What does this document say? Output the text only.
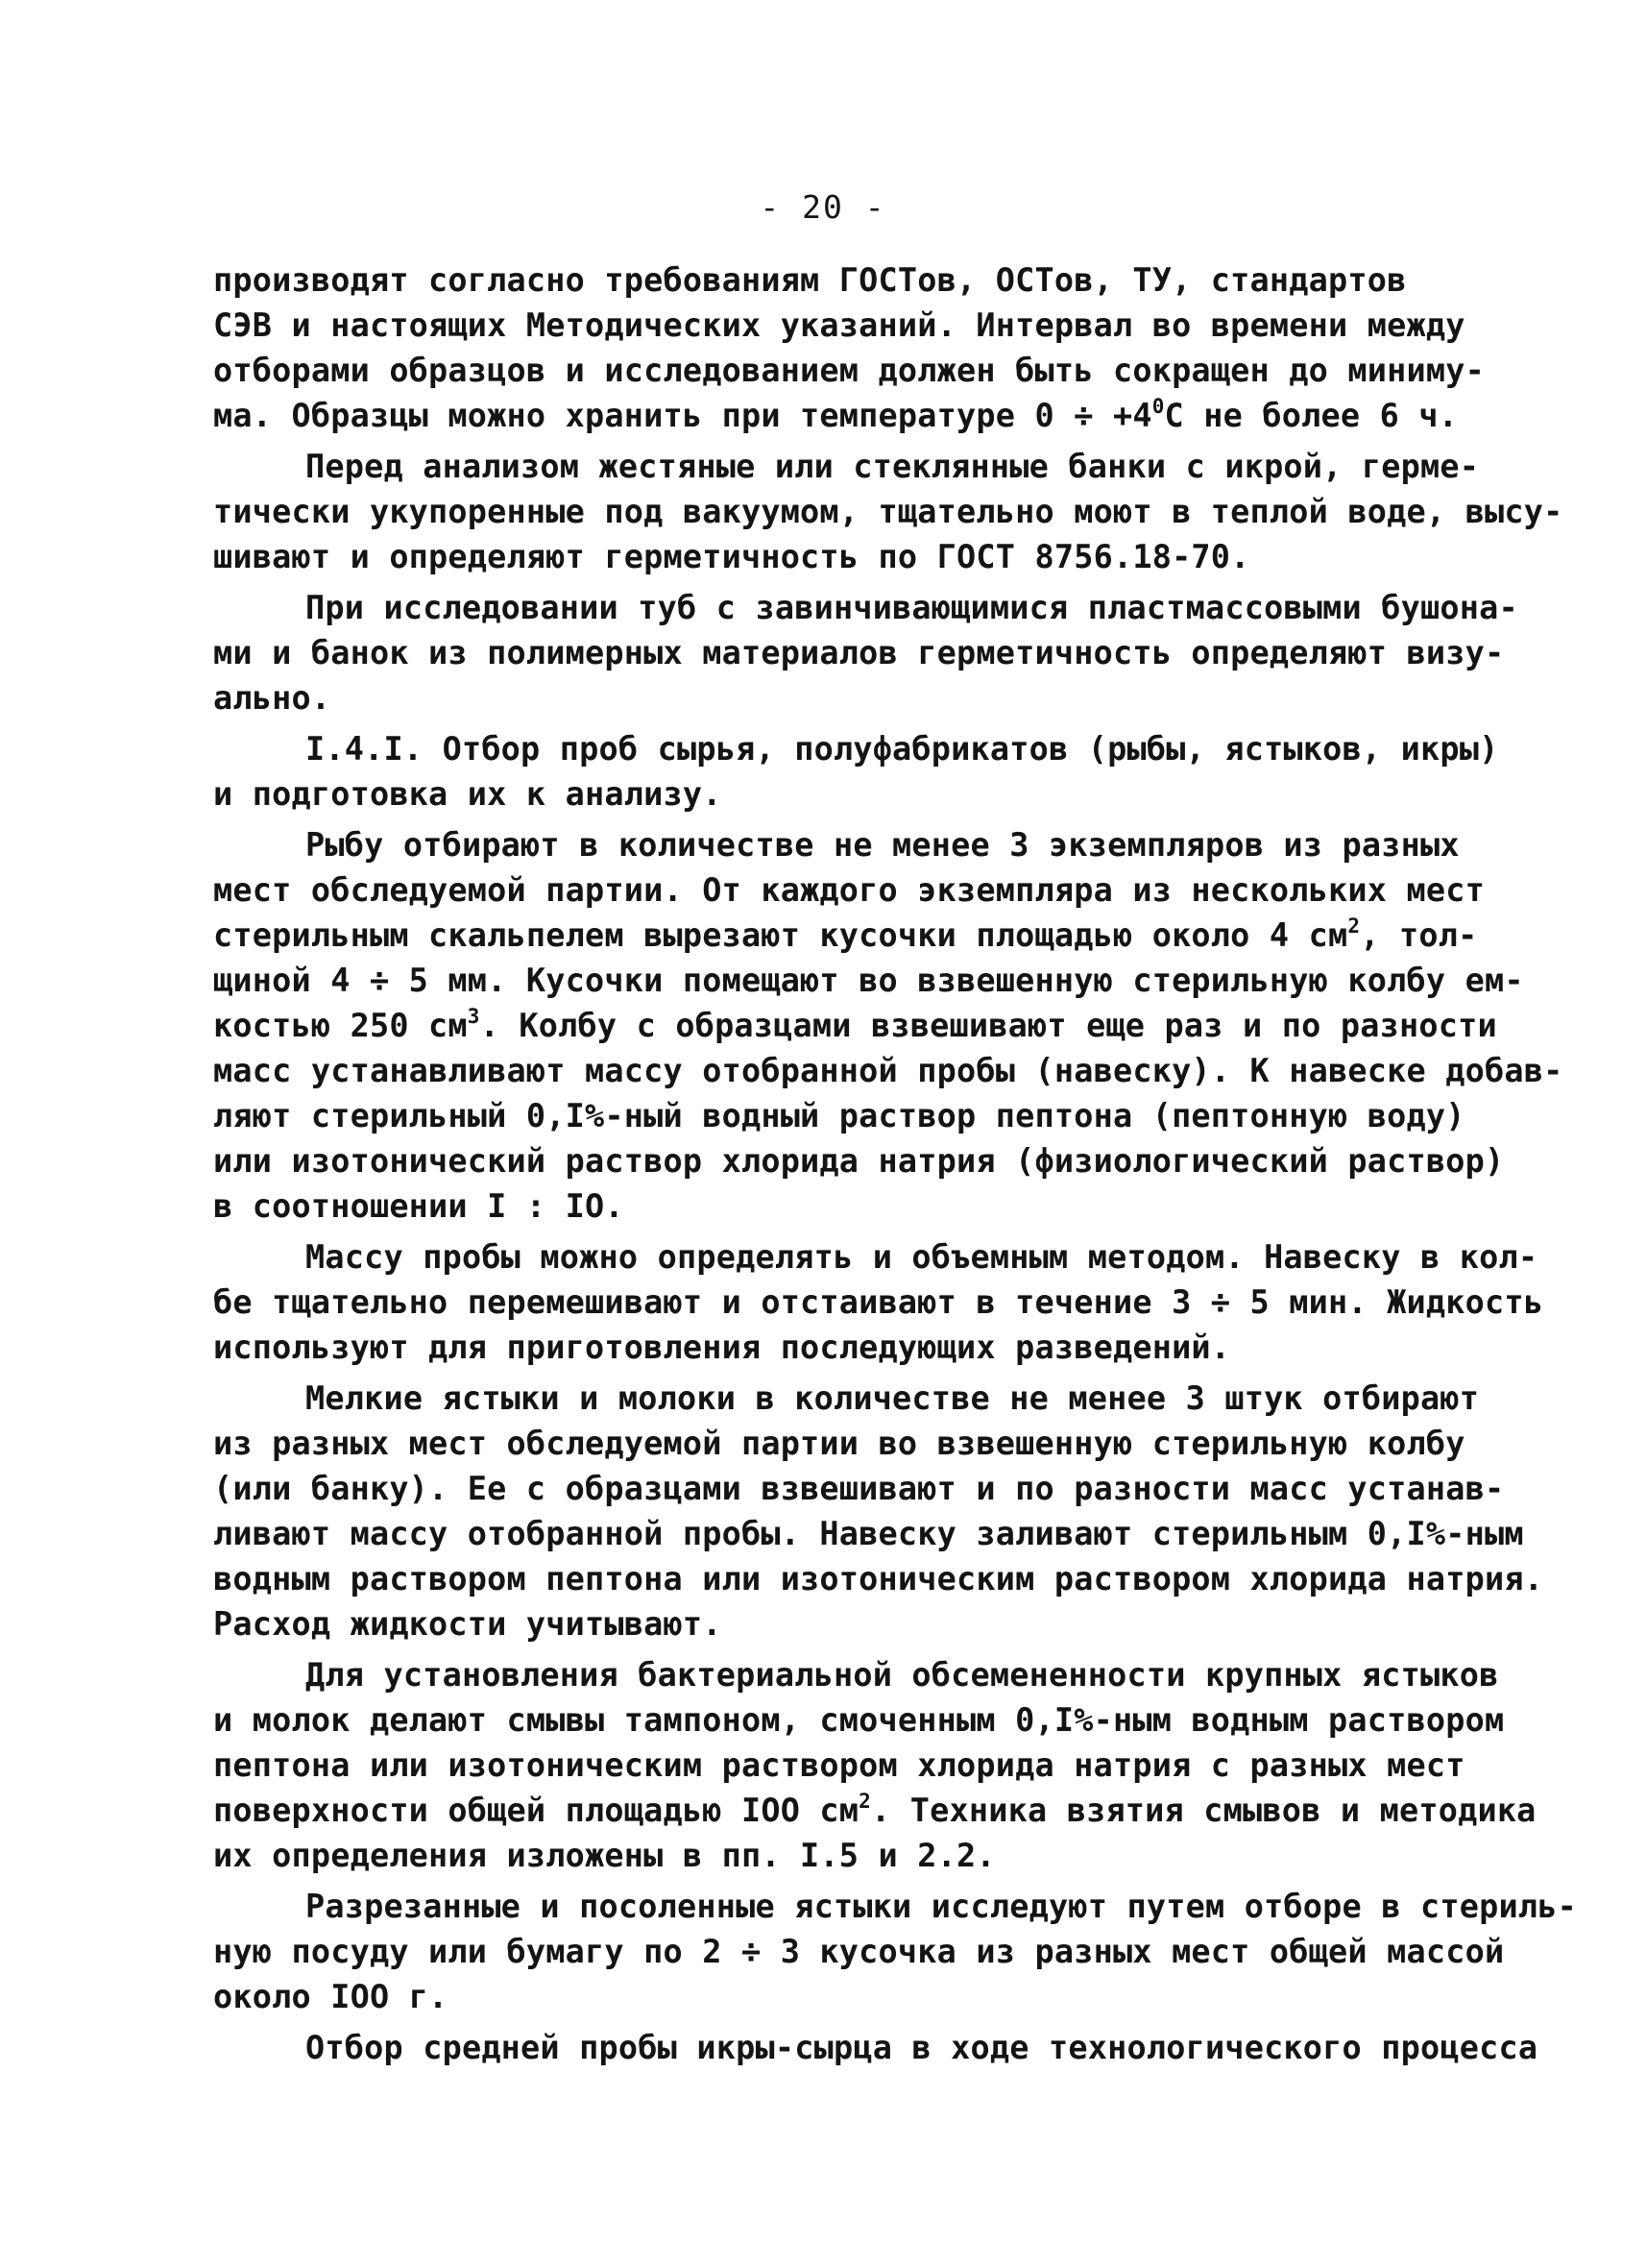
- 20 -
производят согласно требованиям ГОСТов, ОСТов, ТУ, стандартов
СЭВ и настоящих Методических указаний. Интервал во времени между
отборами образцов и исследованием должен быть сокращен до миниму-
ма. Образцы можно хранить при температуре $0 \div +4^0С$ не более 6 ч.
Перед анализом жестяные или стеклянные банки с икрой, герме-
тически укупоренные под вакуумом, тщательно моют в теплой воде, высу-
шивают и определяют герметичность по ГОСТ 8756.18-70.
При исследовании туб с завинчивающимися пластмассовыми бушона-
ми и банок из полимерных материалов герметичность определяют визу-
ально.
I.4.I. Отбор проб сырья, полуфабрикатов (рыбы, ястыков, икры)
и подготовка их к анализу.
Рыбу отбирают в количестве не менее 3 экземпляров из разных
мест обследуемой партии. От каждого экземпляра из нескольких мест
стерильным скальпелем вырезают кусочки площадью около 4 $см^2$, тол-
щиной 4 ÷ 5 мм. Кусочки помещают во взвешенную стерильную колбу ем-
костью 250 $см^3$. Колбу с образцами взвешивают еще раз и по разности
масс устанавливают массу отобранной пробы (навеску). К навеске добав-
ляют стерильный 0,I%-ный водный раствор пептона (пептонную воду)
или изотонический раствор хлорида натрия (физиологический раствор)
в соотношении I : IO.
Массу пробы можно определять и объемным методом. Навеску в кол-
бе тщательно перемешивают и отстаивают в течение 3 ÷ 5 мин. Жидкость
используют для приготовления последующих разведений.
Мелкие ястыки и молоки в количестве не менее 3 штук отбирают
из разных мест обследуемой партии во взвешенную стерильную колбу
(или банку). Ее с образцами взвешивают и по разности масс устанав-
ливают массу отобранной пробы. Навеску заливают стерильным 0,I%-ным
водным раствором пептона или изотоническим раствором хлорида натрия.
Расход жидкости учитывают.
Для установления бактериальной обсемененности крупных ястыков
и молок делают смывы тампоном, смоченным 0,I%-ным водным раствором
пептона или изотоническим раствором хлорида натрия с разных мест
поверхности общей площадью IOO $см^2$. Техника взятия смывов и методика
их определения изложены в пп. I.5 и 2.2.
Разрезанные и посоленные ястыки исследуют путем отборе в стериль-
ную посуду или бумагу по 2 ÷ 3 кусочка из разных мест общей массой
около IOO г.
Отбор средней пробы икры-сырца в ходе технологического процесса
